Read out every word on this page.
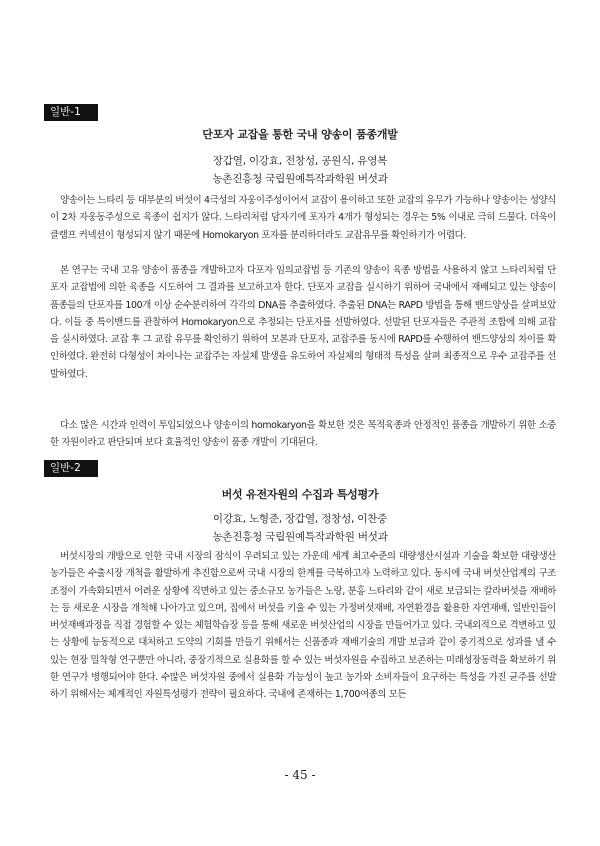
일반-1
단포자 교잡을 통한 국내 양송이 품종개발
장갑열, 이강효, 전창성, 공원식, 유영복
농촌진흥청 국립원예특작과학원 버섯과

양송이는 느타리 등 대부분의 버섯이 4극성의 자웅이주성이어서 교잡이 용이하고 또한 교잡의 유무가 가능하나 양송이는 성양식이 2차 자웅동주성으로 육종이 쉽지가 않다. 느타리처럼 담자기에 포자가 4개가 형성되는 경우는 5% 이내로 극히 드물다. 더욱이 클램프 커넥션이 형성되지 않기 때문에 Homokaryon 포자를 분리하더라도 교잡유무를 확인하기가 어렵다.

본 연구는 국내 고유 양송이 품종을 개발하고자 다포자 임의교잡법 등 기존의 양송이 육종 방법을 사용하지 않고 느타리처럼 단포자 교잡법에 의한 육종을 시도하여 그 결과를 보고하고자 한다. 단포자 교잡을 실시하기 위하여 국내에서 재배되고 있는 양송이 품종들의 단포자를 100개 이상 순수분리하여 각각의 DNA를 추출하였다. 추출된 DNA는 RAPD 방법을 통해 밴드양상을 살펴보았다. 이들 중 특이밴드를 관찰하여 Homokaryon으로 추정되는 단포자를 선발하였다. 선발된 단포자들은 주관적 조합에 의해 교잡을 실시하였다. 교잡 후 그 교잡 유무를 확인하기 위하여 모본과 단포자, 교잡주를 동시에 RAPD를 수행하여 밴드양상의 차이를 확인하였다. 완전히 다형성이 차이나는 교잡주는 자실체 발생을 유도하여 자실체의 형태적 특성을 살펴 최종적으로 우수 교잡주를 선발하였다.

다소 많은 시간과 인력이 투입되었으나 양송이의 homokaryon을 확보한 것은 목적육종과 안정적인 품종을 개발하기 위한 소중한 자원이라고 판단되며 보다 효율적인 양송이 품종 개발이 기대된다.

일반-2
버섯 유전자원의 수집과 특성평가
이강효, 노형준, 장갑열, 정창성, 이찬중
농촌진흥청 국립원예특작과학원 버섯과

버섯시장의 개방으로 인한 국내 시장의 잠식이 우려되고 있는 가운데 세계 최고수준의 대량생산시설과 기술을 확보한 대량생산농가들은 수출시장 개척을 활발하게 추진함으로써 국내 시장의 한계를 극복하고자 노력하고 있다. 동시에 국내 버섯산업계의 구조조정이 가속화되면서 어려운 상황에 직면하고 있는 중소규모 농가들은 노랑, 분홍 느타리와 같이 새로 보급되는 칼라버섯을 재배하는 등 새로운 시장을 개척해 나아가고 있으며, 집에서 버섯을 키울 수 있는 가정버섯재배, 자연환경을 활용한 자연재배, 일반인들이 버섯재배과정을 직접 경험할 수 있는 체험학습장 등을 통해 새로운 버섯산업의 시장을 만들어가고 있다. 국내외적으로 격변하고 있는 상황에 능동적으로 대처하고 도약의 기회를 만들기 위해서는 신품종과 재배기술의 개발 보급과 같이 중기적으로 성과를 낼 수 있는 현장 밀착형 연구뿐만 아니라, 중장기적으로 실용화를 할 수 있는 버섯자원을 수집하고 보존하는 미래성장동력을 확보하기 위한 연구가 병행되어야 한다. 수많은 버섯자원 중에서 실용화 가능성이 높고 농가와 소비자들이 요구하는 특성을 가진 균주를 선발하기 위해서는 체계적인 자원특성평가 전략이 필요하다. 국내에 존재하는 1,700여종의 모든

- 45 -
